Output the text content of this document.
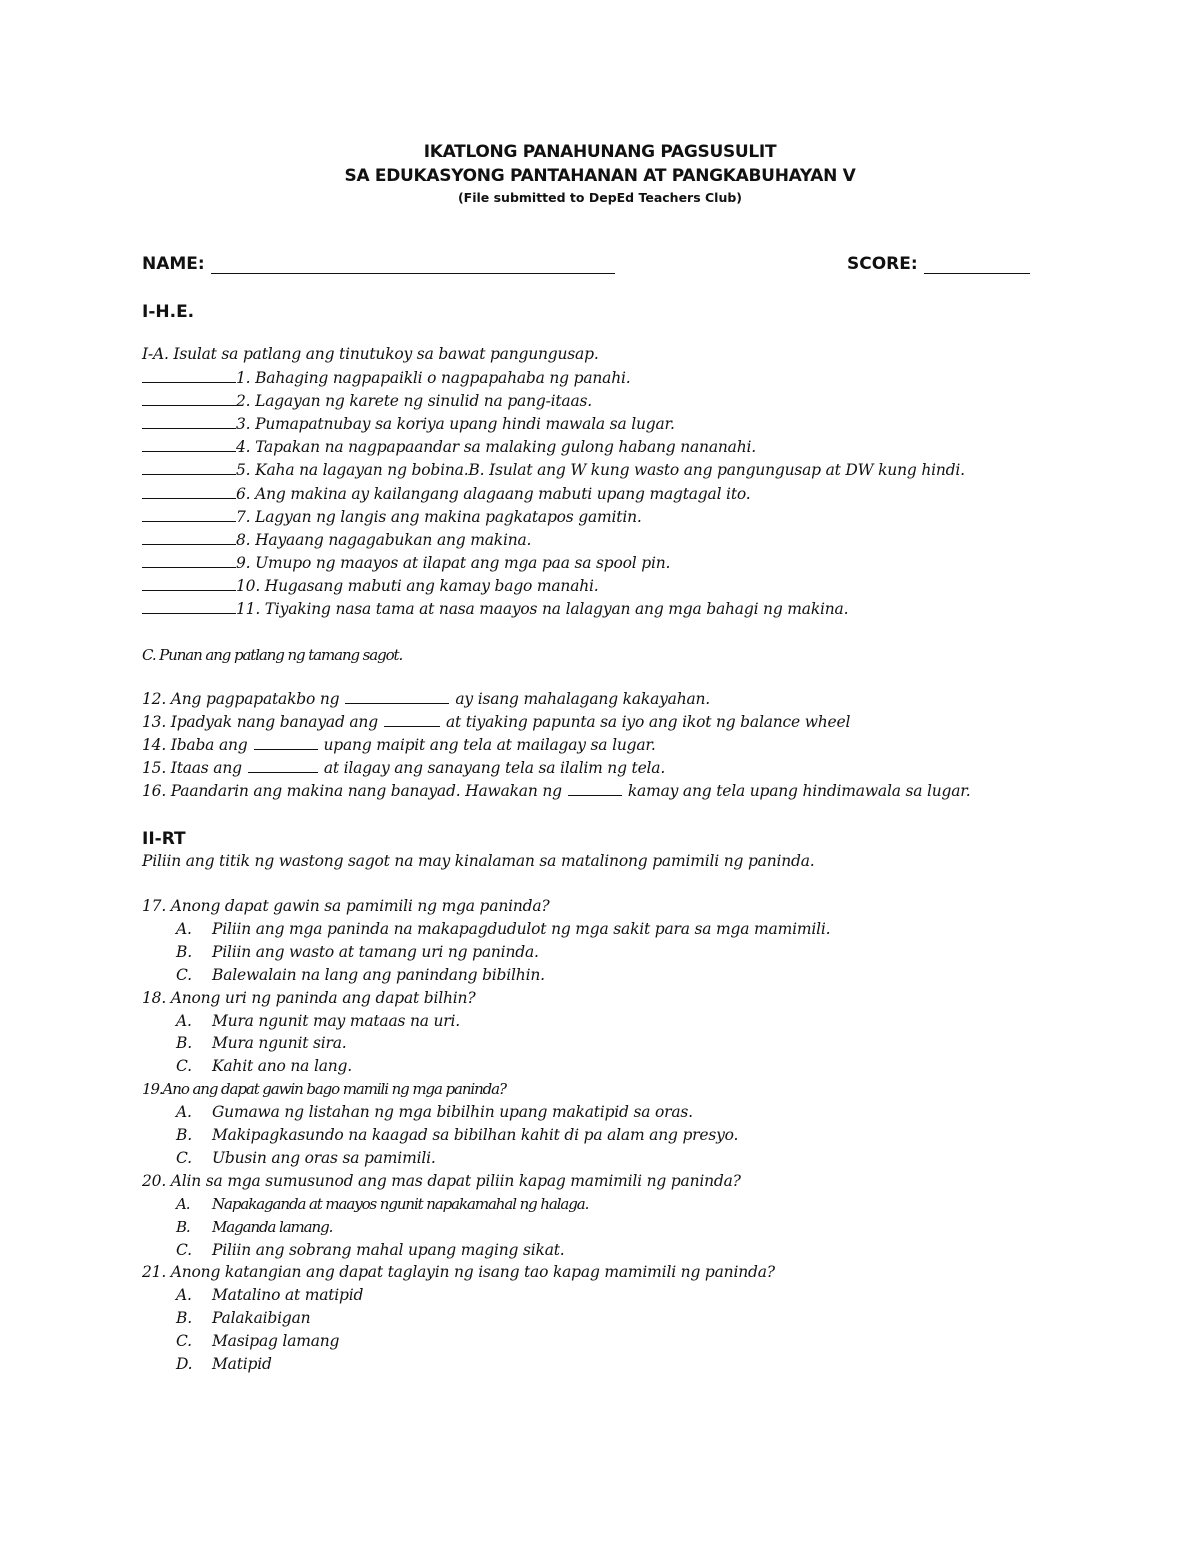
IKATLONG PANAHUNANG PAGSUSULIT
SA EDUKASYONG PANTAHANAN AT PANGKABUHAYAN V
(File submitted to DepEd Teachers Club)
NAME:	SCORE:
I-H.E.
I-A. Isulat sa patlang ang tinutukoy sa bawat pangungusap.
1. Bahaging nagpapaikli o nagpapahaba ng panahi.
2. Lagayan ng karete ng sinulid na pang-itaas.
3. Pumapatnubay sa koriya upang hindi mawala sa lugar.
4. Tapakan na nagpapaandar sa malaking gulong habang nananahi.
5. Kaha na lagayan ng bobina.B. Isulat ang W kung wasto ang pangungusap at DW kung hindi.
6. Ang makina ay kailangang alagaang mabuti upang magtagal ito.
7. Lagyan ng langis ang makina pagkatapos gamitin.
8. Hayaang nagagabukan ang makina.
9. Umupo ng maayos at ilapat ang mga paa sa spool pin.
10. Hugasang mabuti ang kamay bago manahi.
11. Tiyaking nasa tama at nasa maayos na lalagyan ang mga bahagi ng makina.
C. Punan ang patlang ng tamang sagot.
12. Ang pagpapatakbo ng	ay isang mahalagang kakayahan.
13. Ipadyak nang banayad ang	at tiyaking papunta sa iyo ang ikot ng balance wheel
14. Ibaba ang	upang maipit ang tela at mailagay sa lugar.
15. Itaas ang	at ilagay ang sanayang tela sa ilalim ng tela.
16. Paandarin ang makina nang banayad. Hawakan ng	kamay ang tela upang hindimawala sa lugar.
II-RT
Piliin ang titik ng wastong sagot na may kinalaman sa matalinong pamimili ng paninda.
17. Anong dapat gawin sa pamimili ng mga paninda?
A. Piliin ang mga paninda na makapagdudulot ng mga sakit para sa mga mamimili.
B. Piliin ang wasto at tamang uri ng paninda.
C. Balewalain na lang ang panindang bibilhin.
18. Anong uri ng paninda ang dapat bilhin?
A. Mura ngunit may mataas na uri.
B. Mura ngunit sira.
C. Kahit ano na lang.
19.Ano ang dapat gawin bago mamili ng mga paninda?
A. Gumawa ng listahan ng mga bibilhin upang makatipid sa oras.
B. Makipagkasundo na kaagad sa bibilhan kahit di pa alam ang presyo.
C. Ubusin ang oras sa pamimili.
20. Alin sa mga sumusunod ang mas dapat piliin kapag mamimili ng paninda?
A. Napakaganda at maayos ngunit napakamahal ng halaga.
B. Maganda lamang.
C. Piliin ang sobrang mahal upang maging sikat.
21. Anong katangian ang dapat taglayin ng isang tao kapag mamimili ng paninda?
A. Matalino at matipid
B. Palakaibigan
C. Masipag lamang
D. Matipid
